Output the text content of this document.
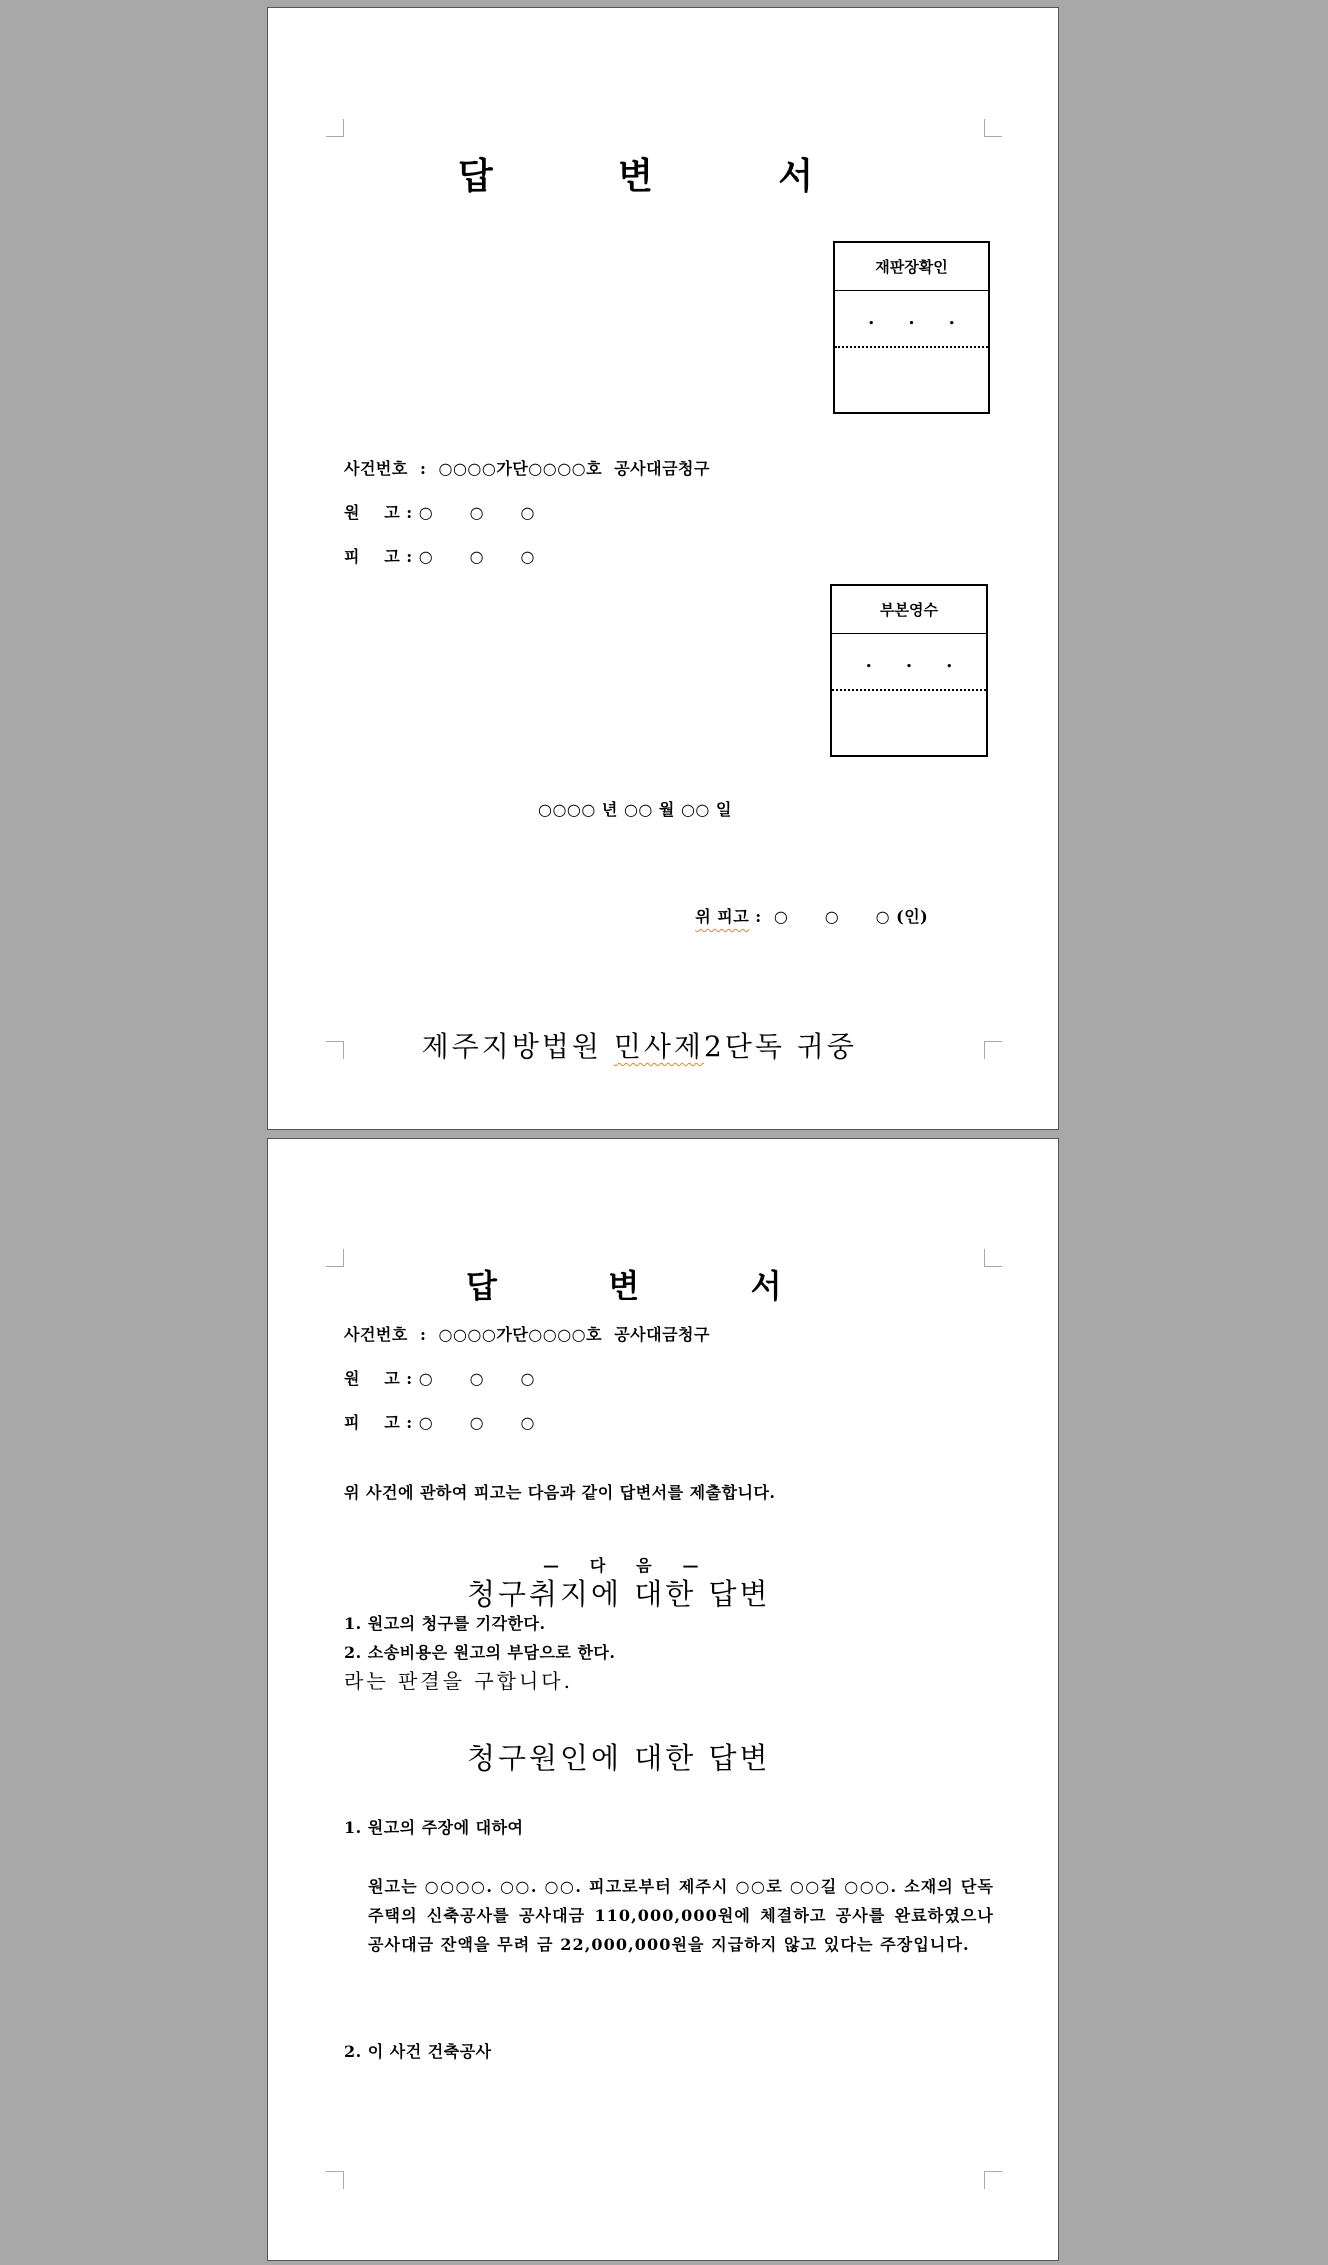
답          변          서
재판장확인
...
사건번호  :  ○○○○가단○○○○호  공사대금청구
원    고 : ○      ○      ○
피    고 : ○      ○      ○
부본영수
...
○○○○ 년 ○○ 월 ○○ 일

위 피고 :  ○      ○      ○ (인)

제주지방법원 민사제2단독 귀중

답          변          서
사건번호  :  ○○○○가단○○○○호  공사대금청구
원    고 : ○      ○      ○
피    고 : ○      ○      ○
위 사건에 관하여 피고는 다음과 같이 답변서를 제출합니다.
—     다     음     —
청구취지에 대한 답변
1. 원고의 청구를 기각한다.
2. 소송비용은 원고의 부담으로 한다.
라는 판결을 구합니다.
청구원인에 대한 답변
1. 원고의 주장에 대하여
원고는 ○○○○. ○○. ○○. 피고로부터 제주시 ○○로 ○○길 ○○○. 소재의 단독주택의 신축공사를 공사대금 110,000,000원에 체결하고 공사를 완료하였으나 공사대금 잔액을 무려 금 22,000,000원을 지급하지 않고 있다는 주장입니다.
2. 이 사건 건축공사
